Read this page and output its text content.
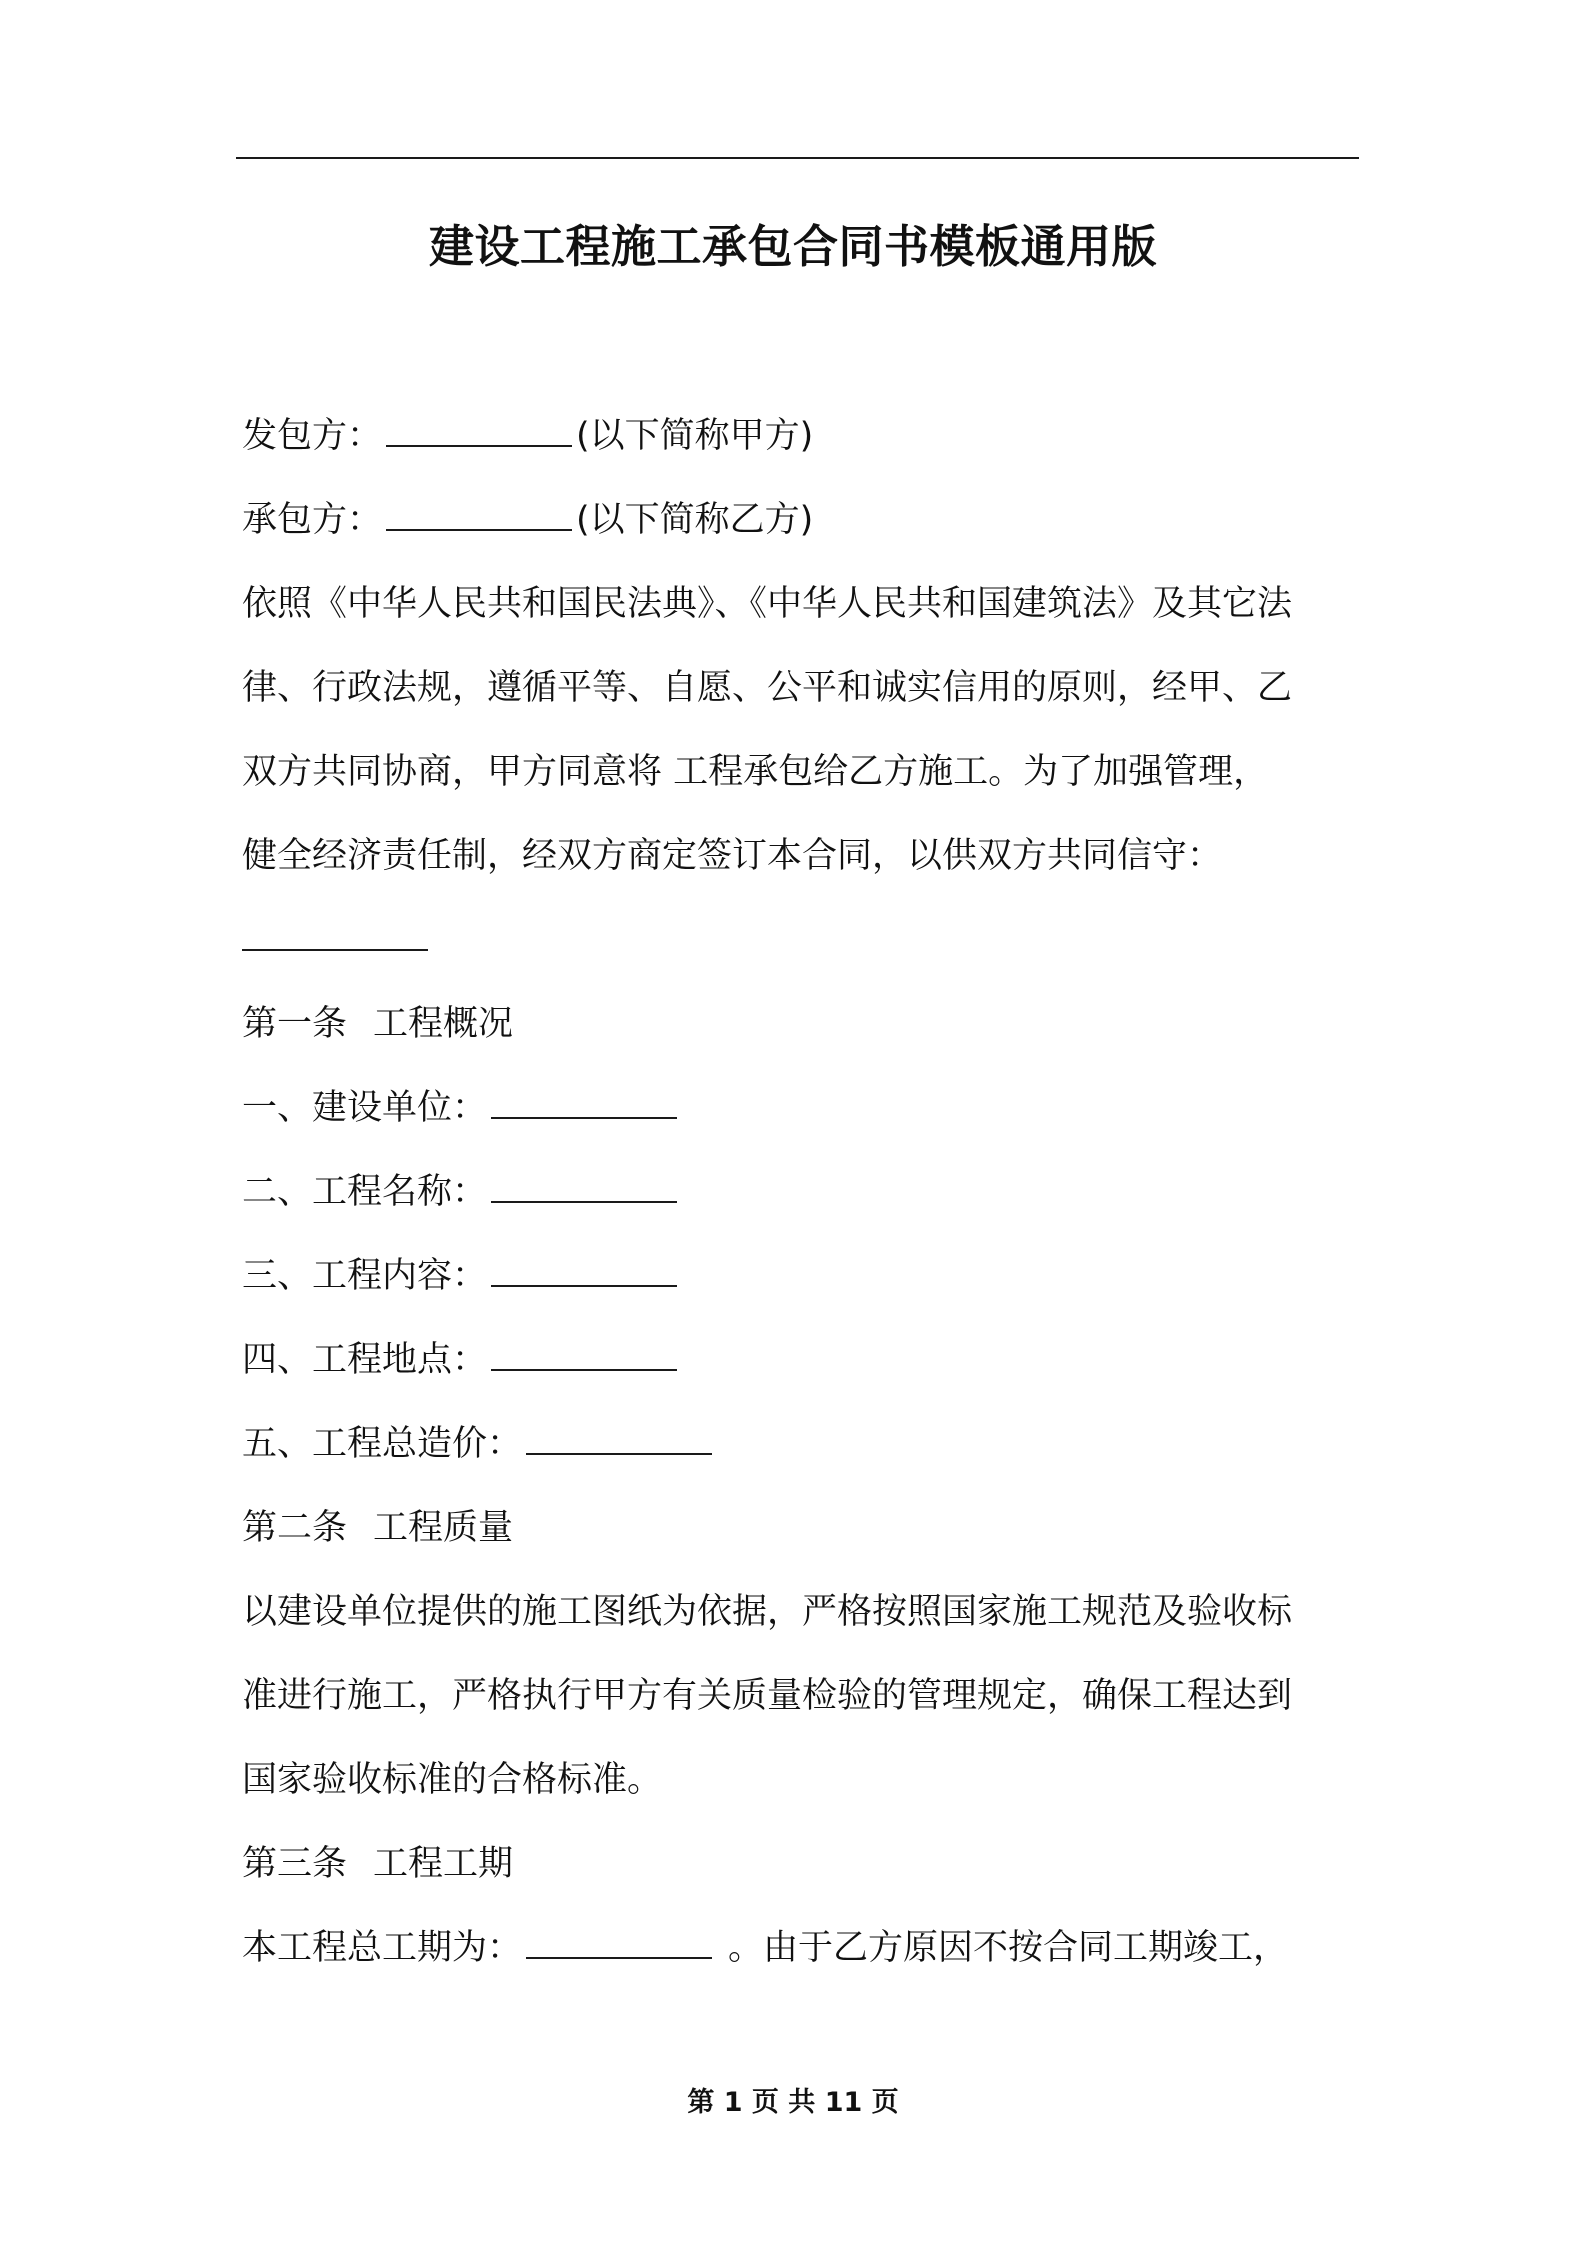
建设工程施工承包合同书模板通用版
发包方：	(以下简称甲方)
承包方：	(以下简称乙方)
依照《中华人民共和国民法典》、《中华人民共和国建筑法》及其它法
律、行政法规，遵循平等、自愿、公平和诚实信用的原则，经甲、乙
双方共同协商，甲方同意将 工程承包给乙方施工。为了加强管理，
健全经济责任制，经双方商定签订本合同，以供双方共同信守：
第一条 工程概况
一、建设单位：
二、工程名称：
三、工程内容：
四、工程地点：
五、工程总造价：
第二条 工程质量
以建设单位提供的施工图纸为依据，严格按照国家施工规范及验收标
准进行施工，严格执行甲方有关质量检验的管理规定，确保工程达到
国家验收标准的合格标准。
第三条 工程工期
本工程总工期为：	。由于乙方原因不按合同工期竣工，
第 1 页 共 11 页
